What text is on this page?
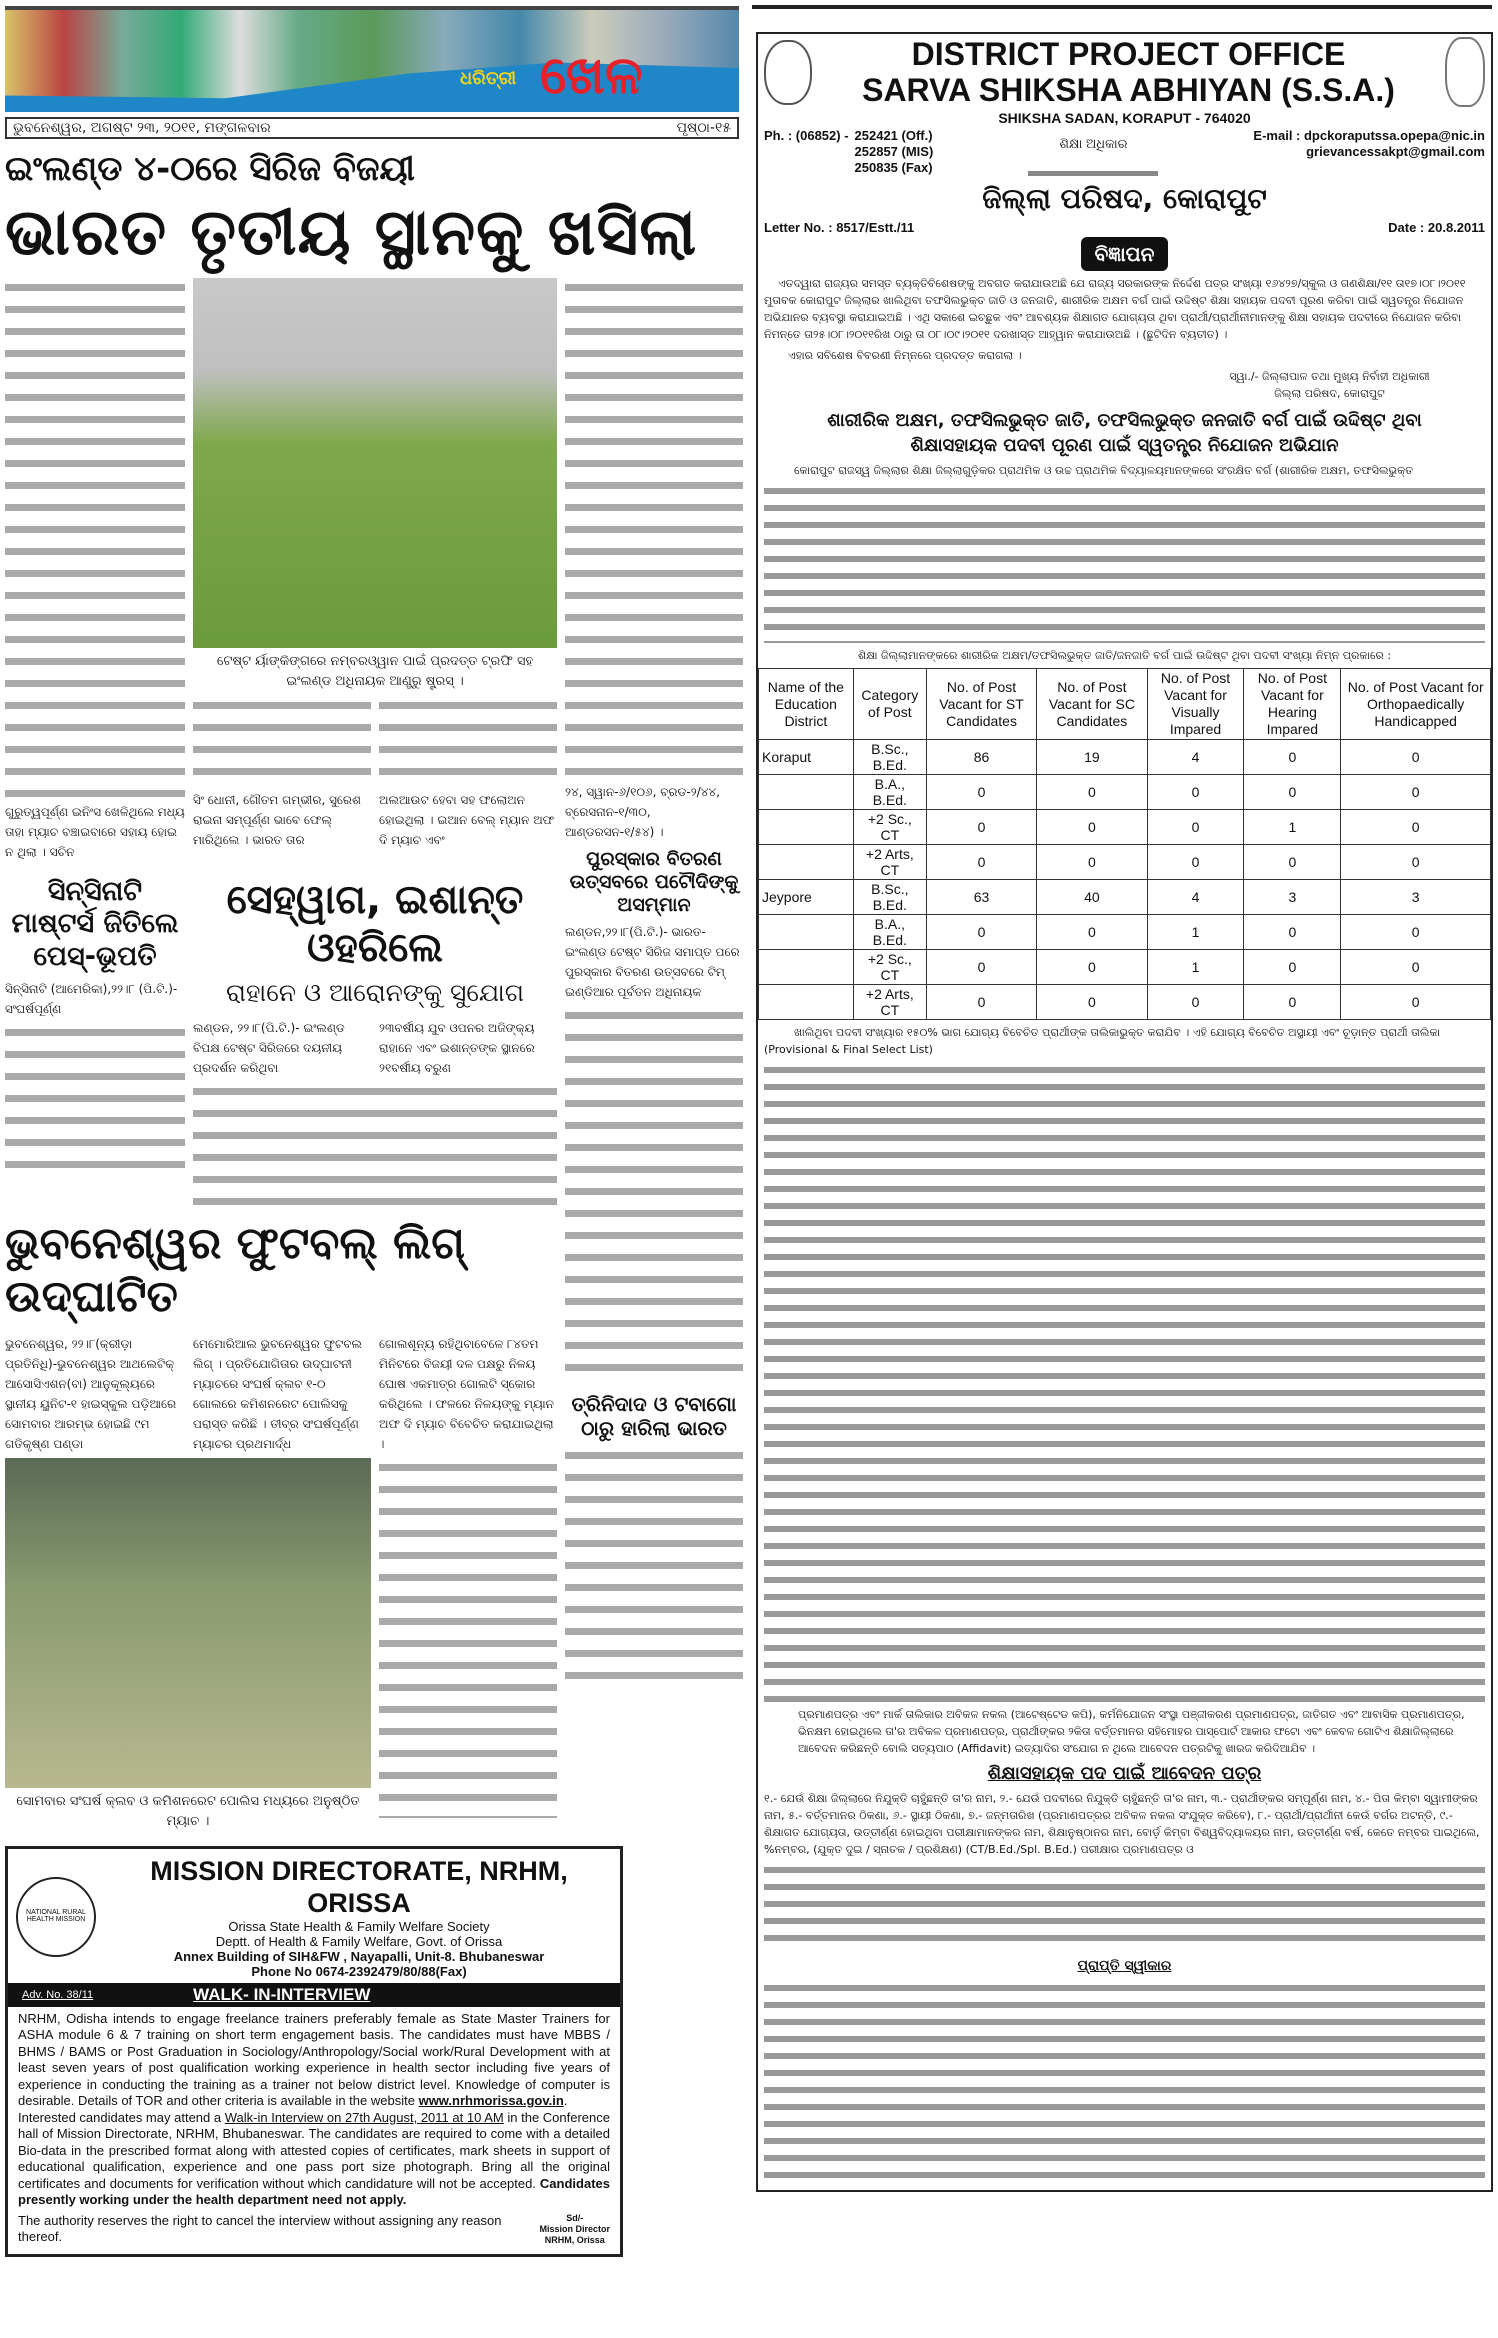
ଧରିତ୍ରୀ ଖେଳ
ଭୁବନେଶ୍ୱର, ଅଗଷ୍ଟ ୨୩, ୨୦୧୧, ମଙ୍ଗଳବାର	ପୃଷ୍ଠା-୧୫
ଇଂଲଣ୍ଡ ୪-୦ରେ ସିରିଜ ବିଜୟୀ
ଭାରତ ତୃତୀୟ ସ୍ଥାନକୁ ଖସିଲା
ଗୁରୁତ୍ୱପୂର୍ଣ୍ଣ ଇନିଂସ ଖେଳିଥିଲେ ମଧ୍ୟ ତାହା ମ୍ୟାଚ ବଞ୍ଚାଇବାରେ ସହାୟ ହୋଇ ନ ଥିଲା । ସଚିନ
ଟେଷ୍ଟ ର୍ୟାଙ୍କିଙ୍ଗରେ ନମ୍ବରଓ୍ୱାନ ପାଇଁ ପ୍ରଦତ୍ତ ଟ୍ରଫି ସହ ଇଂଲଣ୍ଡ ଅଧିନାୟକ ଆଣ୍ଡ୍ରୁ ଷ୍ଟ୍ରସ୍ ।
ସିଂ ଧୋନୀ, ଗୌତମ ଗମ୍ଭୀର, ସୁରେଶ ରାଇନା ସମ୍ପୂର୍ଣ୍ଣ ଭାବେ ଫେଲ୍ ମାରିଥିଲେ । ଭାରତ ତାର
ଅଲଆଉଟ ହେବା ସହ ଫଲୋଅନ ହୋଇଥିଲା । ଇଆନ ବେଲ୍ ମ୍ୟାନ ଅଫ ଦି ମ୍ୟାଚ ଏବଂ
ସିନ୍‌ସିନାଟି ମାଷ୍ଟର୍ସ ଜିତିଲେ ପେସ୍-ଭୂପତି
ସିନ୍‌ସିନାଟି (ଆମେରିକା),୨୨।୮ (ପି.ଟି.)-ସଂଘର୍ଷପୂର୍ଣ୍ଣ
ସେହ୍ୱାଗ, ଇଶାନ୍ତ ଓହରିଲେ
ରାହାନେ ଓ ଆରୋନଙ୍କୁ ସୁଯୋଗ
ଲଣ୍ଡନ, ୨୨।୮(ପି.ଟି.)- ଇଂଲଣ୍ଡ ବିପକ୍ଷ ଟେଷ୍ଟ ସିରିଜରେ ଦୟନୀୟ ପ୍ରଦର୍ଶନ କରିଥିବା
୨୩ବର୍ଷୀୟ ଯୁବ ଓପନର ଅଜିଙ୍କ୍ୟ ରାହାନେ ଏବଂ ଇଶାନ୍ତଙ୍କ ସ୍ଥାନରେ ୨୧ବର୍ଷୀୟ ବରୁଣ
ଭୁବନେଶ୍ୱର ଫୁଟବଲ୍ ଲିଗ୍ ଉଦ୍‌ଘାଟିତ
ଭୁବନେଶ୍ୱର, ୨୨।୮(କ୍ରୀଡ଼ା ପ୍ରତିନିଧି)-ଭୁବନେଶ୍ୱର ଆଥଲେଟିକ୍ ଆସୋସିଏଶନ(ବା) ଆନୁକୂଲ୍ୟରେ ସ୍ଥାନୀୟ ୟୁନିଟ-୧ ହାଇସ୍କୁଲ ପଡ଼ିଆରେ ସୋମବାର ଆରମ୍ଭ ହୋଇଛି ୯ମ ଗତିକୃଷ୍ଣ ପଣ୍ଡା
ମେମୋରିଆଲ ଭୁବନେଶ୍ୱର ଫୁଟବଲ ଲିଗ୍ । ପ୍ରତିଯୋଗିତାର ଉଦ୍‌ଘାଟନୀ ମ୍ୟାଚରେ ସଂଘର୍ଷ କ୍ଲବ ୧-୦ ଗୋଲରେ କମିଶନରେଟ ପୋଲିସକୁ ପରାସ୍ତ କରିଛି । ତୀବ୍ର ସଂଘର୍ଷପୂର୍ଣ୍ଣ ମ୍ୟାଚର ପ୍ରଥମାର୍ଦ୍ଧ
ଗୋଲଶୂନ୍ୟ ରହିଥିବାବେଳେ ୮୪ତମ ମିନିଟରେ ବିଜୟୀ ଦଳ ପକ୍ଷରୁ ନିଳୟ ଘୋଷ ଏକମାତ୍ର ଗୋଲଟି ସ୍କୋର କରିଥିଲେ । ଫଳରେ ନିଳୟଙ୍କୁ ମ୍ୟାନ ଅଫ ଦି ମ୍ୟାଚ ବିବେଚିତ କରାଯାଇଥିଲା ।
ସୋମବାର ସଂଘର୍ଷ କ୍ଲବ ଓ କମିଶନରେଟ ପୋଲିସ ମଧ୍ୟରେ ଅନୁଷ୍ଠିତ ମ୍ୟାଚ ।
୨୪, ସ୍ୱାନ-୬/୧୦୬, ବ୍ରଡ-୨/୪୪, ବ୍ରେସନାନ-୧/୩୦, ଆଣ୍ଡରସନ-୧/୫୪) ।
ପୁରସ୍କାର ବିତରଣ ଉତ୍ସବରେ ପଟୌଦିଙ୍କୁ ଅସମ୍ମାନ
ଲଣ୍ଡନ,୨୨।୮(ପି.ଟି.)- ଭାରତ-ଇଂଲଣ୍ଡ ଟେଷ୍ଟ ସିରିଜ ସମାପ୍ତ ପରେ ପୁରସ୍କାର ବିତରଣ ଉତ୍ସବରେ ଟିମ୍ ଇଣ୍ଡିଆର ପୂର୍ବତନ ଅଧିନାୟକ
ତ୍ରିନିଦାଦ ଓ ଟବାଗୋ ଠାରୁ ହାରିଲା ଭାରତ
NATIONAL RURAL HEALTH MISSION
MISSION DIRECTORATE, NRHM, ORISSA
Orissa State Health & Family Welfare Society
Deptt. of Health & Family Welfare, Govt. of Orissa
Annex Building of SIH&FW , Nayapalli, Unit-8. Bhubaneswar
Phone No 0674-2392479/80/88(Fax)
Adv. No. 38/11	WALK- IN-INTERVIEW

NRHM, Odisha intends to engage freelance trainers preferably female as State Master Trainers for ASHA module 6 & 7 training on short term engagement basis. The candidates must have MBBS / BHMS / BAMS or Post Graduation in Sociology/Anthropology/Social work/Rural Development with at least seven years of post qualification working experience in health sector including five years of experience in conducting the training as a trainer not below district level. Knowledge of computer is desirable. Details of TOR and other criteria is available in the website www.nrhmorissa.gov.in.

Interested candidates may attend a Walk-in Interview on 27th August, 2011 at 10 AM in the Conference hall of Mission Directorate, NRHM, Bhubaneswar. The candidates are required to come with a detailed Bio-data in the prescribed format along with attested copies of certificates, mark sheets in support of educational qualification, experience and one pass port size photograph. Bring all the original certificates and documents for verification without which candidature will not be accepted. Candidates presently working under the health department need not apply.

The authority reserves the right to cancel the interview without assigning any reason thereof.

Sd/-
Mission Director
NRHM, Orissa
DISTRICT PROJECT OFFICE
SARVA SHIKSHA ABHIYAN (S.S.A.)
SHIKSHA SADAN, KORAPUT - 764020
Ph. : (06852) - 252421 (Off.)
252857 (MIS)
250835 (Fax)
ଶିକ୍ଷା ଅଧିକାର
E-mail : dpckoraputssa.opepa@nic.in
grievancessakpt@gmail.com
ଜିଲ୍ଲା ପରିଷଦ, କୋରାପୁଟ
Letter No. : 8517/Estt./11	Date : 20.8.2011
ବିଜ୍ଞାପନ
ଏତଦ୍ୱାରା ରାଜ୍ୟର ସମସ୍ତ ବ୍ୟକ୍ତିବିଶେଷଙ୍କୁ ଅବଗତ କରାଯାଉଅଛି ଯେ ରାଜ୍ୟ ସରକାରଙ୍କ ନିର୍ଦ୍ଦେଶ ପତ୍ର ସଂଖ୍ୟା ୧୬୪୨୭/ସ୍କୁଲ ଓ ଗଣଶିକ୍ଷା/୧୧ ତା୧୭।୦୮।୨୦୧୧ ମୁତାବକ କୋରାପୁଟ ଜିଲ୍ଲାର ଖାଲିଥିବା ତଫସିଲଭୁକ୍ତ ଜାତି ଓ ଜନଜାତି, ଶାରୀରିକ ଅକ୍ଷମ ବର୍ଗ ପାଇଁ ଉଦ୍ଦିଷ୍ଟ ଶିକ୍ଷା ସହାୟକ ପଦବୀ ପୂରଣ କରିବା ପାଇଁ ସ୍ୱତନ୍ତ୍ର ନିଯୋଜନ ଅଭିଯାନର ବ୍ୟବସ୍ଥା କରାଯାଇଅଛି । ଏଥି ସକାଶେ ଇଚ୍ଛୁକ ଏବଂ ଆବଶ୍ୟକ ଶିକ୍ଷାଗତ ଯୋଗ୍ୟତା ଥିବା ପ୍ରାର୍ଥୀ/ପ୍ରାର୍ଥୀନୀମାନଙ୍କୁ ଶିକ୍ଷା ସହାୟକ ପଦବୀରେ ନିଯୋଜନ କରିବା ନିମନ୍ତେ ତା୨୫।୦୮।୨୦୧୧ରିଖ ଠାରୁ ତା ୦୮।୦୯।୨୦୧୧ ଦରଖାସ୍ତ ଆହ୍ୱାନ କରାଯାଉଅଛି । (ଛୁଟିଦିନ ବ୍ୟତୀତ) ।
ଏହାର ସବିଶେଷ ବିବରଣୀ ନିମ୍ନରେ ପ୍ରଦତ୍ତ କରାଗଲା ।
ସ୍ୱା./- ଜିଲ୍ଲାପାଳ ତଥା ମୁଖ୍ୟ ନିର୍ବାହୀ ଅଧିକାରୀ
ଜିଲ୍ଲା ପରିଷଦ, କୋରାପୁଟ
ଶାରୀରିକ ଅକ୍ଷମ, ତଫସିଲଭୁକ୍ତ ଜାତି, ତଫସିଲଭୁକ୍ତ ଜନଜାତି ବର୍ଗ ପାଇଁ ଉଦ୍ଦିଷ୍ଟ ଥିବା ଶିକ୍ଷାସହାୟକ ପଦବୀ ପୂରଣ ପାଇଁ ସ୍ୱତନ୍ତ୍ର ନିଯୋଜନ ଅଭିଯାନ
କୋରାପୁଟ ରାଜସ୍ୱ ଜିଲ୍ଲାର ଶିକ୍ଷା ଜିଲ୍ଲାଗୁଡ଼ିକର ପ୍ରାଥମିକ ଓ ଉଚ୍ଚ ପ୍ରାଥମିକ ବିଦ୍ୟାଳୟମାନଙ୍କରେ ସଂରକ୍ଷିତ ବର୍ଗ (ଶାରୀରିକ ଅକ୍ଷମ, ତଫସିଲଭୁକ୍ତ
ଶିକ୍ଷା ଜିଲ୍ଲାମାନଙ୍କରେ ଶାରୀରିକ ଅକ୍ଷମ/ତଫସିଲଭୁକ୍ତ ଜାତି/ଜନଜାତି ବର୍ଗ ପାଇଁ ଉଦ୍ଦିଷ୍ଟ ଥିବା ପଦବୀ ସଂଖ୍ୟା ନିମ୍ନ ପ୍ରକାରେ :
Name of the Education District	Category of Post	No. of Post Vacant for ST Candidates	No. of Post Vacant for SC Candidates	No. of Post Vacant for Visually Impared	No. of Post Vacant for Hearing Impared	No. of Post Vacant for Orthopaedically Handicapped
Koraput	B.Sc., B.Ed.	86	19	4	0	0
	B.A., B.Ed.	0	0	0	0	0
	+2 Sc., CT	0	0	0	1	0
	+2 Arts, CT	0	0	0	0	0
Jeypore	B.Sc., B.Ed.	63	40	4	3	3
	B.A., B.Ed.	0	0	1	0	0
	+2 Sc., CT	0	0	1	0	0
	+2 Arts, CT	0	0	0	0	0
ଖାଲିଥିବା ପଦବୀ ସଂଖ୍ୟାର ୧୫୦% ଭାଗ ଯୋଗ୍ୟ ବିବେଚିତ ପ୍ରାର୍ଥୀଙ୍କ ତାଲିକାଭୁକ୍ତ କରାଯିବ । ଏହି ଯୋଗ୍ୟ ବିବେଚିତ ଅସ୍ଥାୟୀ ଏବଂ ଚୂଡ଼ାନ୍ତ ପ୍ରାର୍ଥୀ ତାଲିକା (Provisional & Final Select List)
ପ୍ରମାଣପତ୍ର ଏବଂ ମାର୍କ ତାଲିକାର ଅବିକଳ ନକଲ (ଆଟେଷ୍ଟେଡ କପି), କର୍ମନିଯୋଜନ ସଂସ୍ଥା ପଞ୍ଜୀକରଣ ପ୍ରମାଣପତ୍ର, ଜାତିଗତ ଏବଂ ଆବାସିକ ପ୍ରମାଣପତ୍ର, ଭିନକ୍ଷମ ହୋଇଥିଲେ ତା'ର ଅବିକଳ ପ୍ରମାଣପତ୍ର, ପ୍ରାର୍ଥୀଙ୍କର ୨କିତା ବର୍ତ୍ତମାନର ସହିମୋହର ପାସ୍‌ପୋର୍ଟ ଆକାର ଫଟୋ ଏବଂ କେବଳ ଗୋଟିଏ ଶିକ୍ଷାଜିଲ୍ଲାରେ ଆବେଦନ କରିଛନ୍ତି ବୋଲି ସତ୍ୟପାଠ (Affidavit) ଇତ୍ୟାଦିର ସଂଯୋଗ ନ ଥିଲେ ଆବେଦନ ପତ୍ରଟିକୁ ଖାରଜ କରିଦିଆଯିବ ।
ଶିକ୍ଷାସହାୟକ ପଦ ପାଇଁ ଆବେଦନ ପତ୍ର
୧.- ଯେଉଁ ଶିକ୍ଷା ଜିଲ୍ଲାରେ ନିଯୁକ୍ତି ଚାହୁଁଛନ୍ତି ତା'ର ନାମ, ୨.- ଯେଉଁ ପଦବୀରେ ନିଯୁକ୍ତି ଚାହୁଁଛନ୍ତି ତା'ର ନାମ, ୩.- ପ୍ରାର୍ଥୀଙ୍କର ସମ୍ପୂର୍ଣ୍ଣ ନାମ, ୪.- ପିତା କିମ୍ବା ସ୍ୱାମୀଙ୍କର ନାମ, ୫.- ବର୍ତ୍ତମାନର ଠିକଣା, ୬.- ସ୍ଥାୟୀ ଠିକଣା, ୭.- ଜନ୍ମତାରିଖ (ପ୍ରମାଣପତ୍ରର ଅବିକଳ ନକଲ ସଂଯୁକ୍ତ କରିବେ), ୮.- ପ୍ରାର୍ଥୀ/ପ୍ରାର୍ଥୀନୀ କେଉଁ ବର୍ଗର ଅଟନ୍ତି, ୯.- ଶିକ୍ଷାଗତ ଯୋଗ୍ୟତା, ଉତ୍ତୀର୍ଣ୍ଣ ହୋଇଥିବା ପରୀକ୍ଷାମାନଙ୍କର ନାମ, ଶିକ୍ଷାନୁଷ୍ଠାନର ନାମ, ବୋର୍ଡ଼ କିମ୍ବା ବିଶ୍ୱବିଦ୍ୟାଳୟର ନାମ, ଉତ୍ତୀର୍ଣ୍ଣ ବର୍ଷ, କେତେ ନମ୍ବର ପାଇଥିଲେ, %ନମ୍ବର, (ଯୁକ୍ତ ଦୁଇ / ସ୍ନାତକ / ପ୍ରଶିକ୍ଷଣ) (CT/B.Ed./Spl. B.Ed.) ପରୀକ୍ଷାର ପ୍ରମାଣପତ୍ର ଓ
ପ୍ରାପ୍ତି ସ୍ୱୀକାର
